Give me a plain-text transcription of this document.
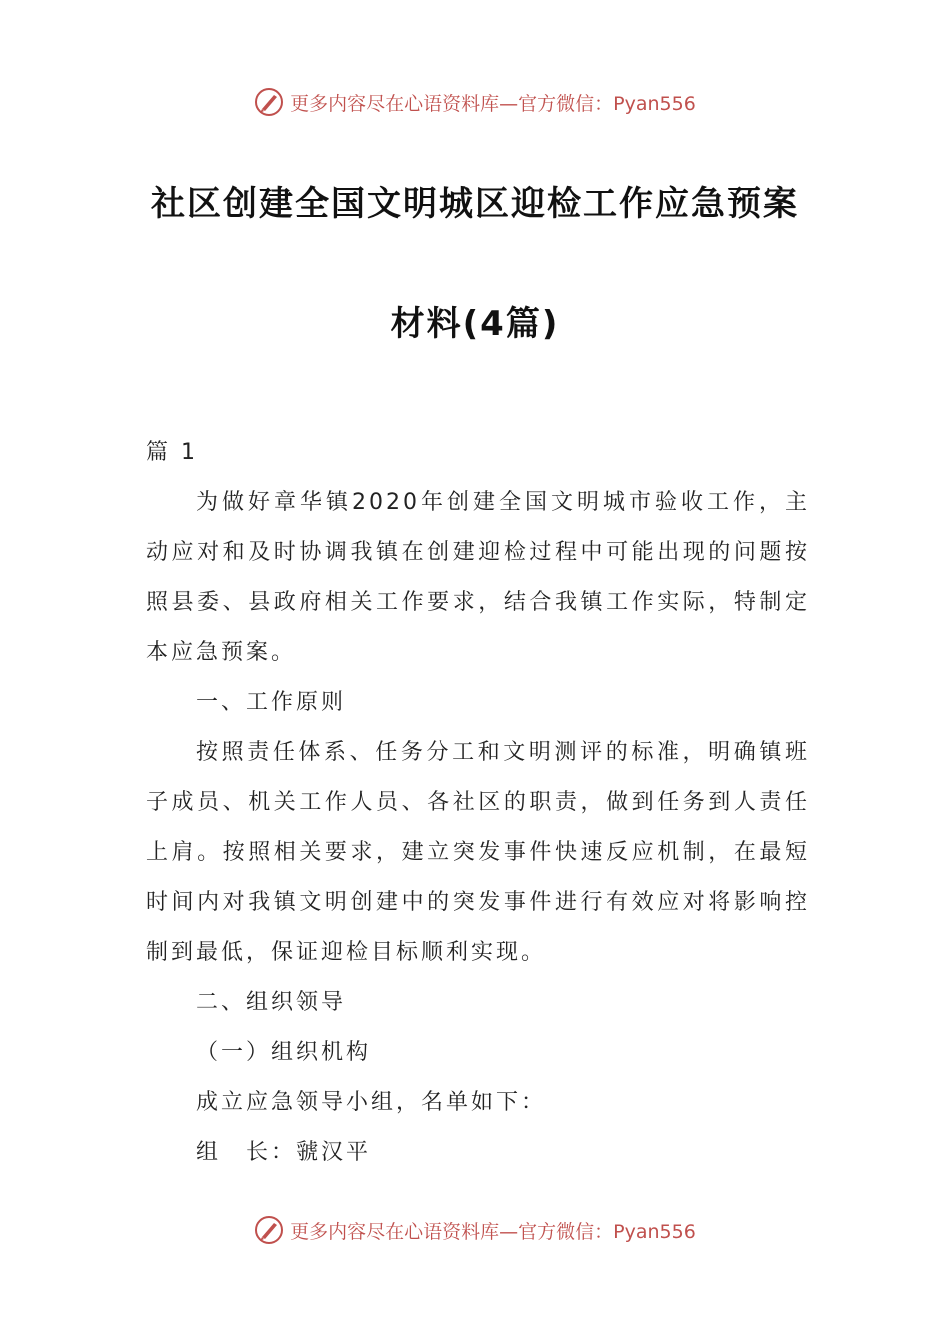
更多内容尽在心语资料库 —官方微信：Pyan556
社区创建全国文明城区迎检工作应急预案
材料(4篇)
篇 1
为做好章华镇2020年创建全国文明城市验收工作，主动应对和及时协调我镇在创建迎检过程中可能出现的问题按照县委、县政府相关工作要求，结合我镇工作实际，特制定本应急预案。
一、工作原则
按照责任体系、任务分工和文明测评的标准，明确镇班子成员、机关工作人员、各社区的职责，做到任务到人责任上肩。按照相关要求，建立突发事件快速反应机制，在最短时间内对我镇文明创建中的突发事件进行有效应对将影响控制到最低，保证迎检目标顺利实现。
二、组织领导
（一）组织机构
成立应急领导小组，名单如下：
组　长：虢汉平
更多内容尽在心语资料库 —官方微信：Pyan556
